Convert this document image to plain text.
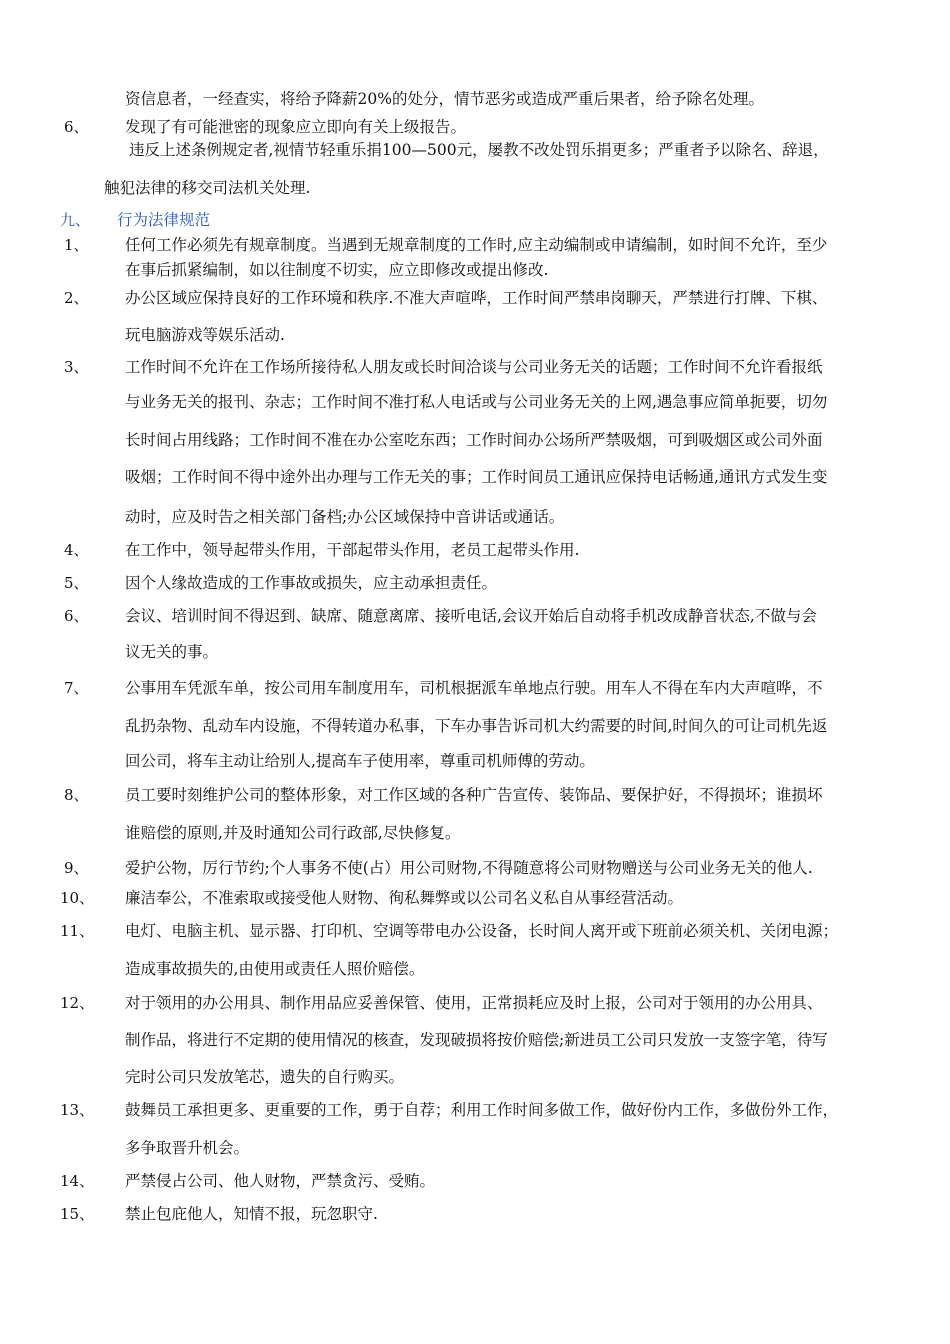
资信息者，一经查实，将给予降薪20%的处分，情节恶劣或造成严重后果者，给予除名处理。
6、 发现了有可能泄密的现象应立即向有关上级报告。
违反上述条例规定者,视情节轻重乐捐100—500元，屡教不改处罚乐捐更多；严重者予以除名、辞退，
触犯法律的移交司法机关处理.
九、 行为法律规范
1、 任何工作必须先有规章制度。当遇到无规章制度的工作时,应主动编制或申请编制，如时间不允许，至少
在事后抓紧编制，如以往制度不切实，应立即修改或提出修改.
2、 办公区域应保持良好的工作环境和秩序.不准大声喧哗，工作时间严禁串岗聊天，严禁进行打牌、下棋、
玩电脑游戏等娱乐活动.
3、 工作时间不允许在工作场所接待私人朋友或长时间洽谈与公司业务无关的话题；工作时间不允许看报纸
与业务无关的报刊、杂志；工作时间不准打私人电话或与公司业务无关的上网,遇急事应简单扼要，切勿
长时间占用线路；工作时间不准在办公室吃东西；工作时间办公场所严禁吸烟，可到吸烟区或公司外面
吸烟；工作时间不得中途外出办理与工作无关的事；工作时间员工通讯应保持电话畅通,通讯方式发生变
动时，应及时告之相关部门备档;办公区域保持中音讲话或通话。
4、 在工作中，领导起带头作用，干部起带头作用，老员工起带头作用.
5、 因个人缘故造成的工作事故或损失，应主动承担责任。
6、 会议、培训时间不得迟到、缺席、随意离席、接听电话,会议开始后自动将手机改成静音状态,不做与会
议无关的事。
7、 公事用车凭派车单，按公司用车制度用车，司机根据派车单地点行驶。用车人不得在车内大声喧哗，不
乱扔杂物、乱动车内设施，不得转道办私事，下车办事告诉司机大约需要的时间,时间久的可让司机先返
回公司，将车主动让给别人,提高车子使用率，尊重司机师傅的劳动。
8、 员工要时刻维护公司的整体形象，对工作区域的各种广告宣传、装饰品、要保护好，不得损坏；谁损坏
谁赔偿的原则,并及时通知公司行政部,尽快修复。
9、 爱护公物，厉行节约;个人事务不使(占）用公司财物,不得随意将公司财物赠送与公司业务无关的他人.
10、 廉洁奉公，不准索取或接受他人财物、徇私舞弊或以公司名义私自从事经营活动。
11、 电灯、电脑主机、显示器、打印机、空调等带电办公设备，长时间人离开或下班前必须关机、关闭电源；
造成事故损失的,由使用或责任人照价赔偿。
12、 对于领用的办公用具、制作用品应妥善保管、使用，正常损耗应及时上报，公司对于领用的办公用具、
制作品，将进行不定期的使用情况的核查，发现破损将按价赔偿;新进员工公司只发放一支签字笔，待写
完时公司只发放笔芯，遗失的自行购买。
13、 鼓舞员工承担更多、更重要的工作，勇于自荐；利用工作时间多做工作，做好份内工作，多做份外工作，
多争取晋升机会。
14、 严禁侵占公司、他人财物，严禁贪污、受贿。
15、 禁止包庇他人，知情不报，玩忽职守.
